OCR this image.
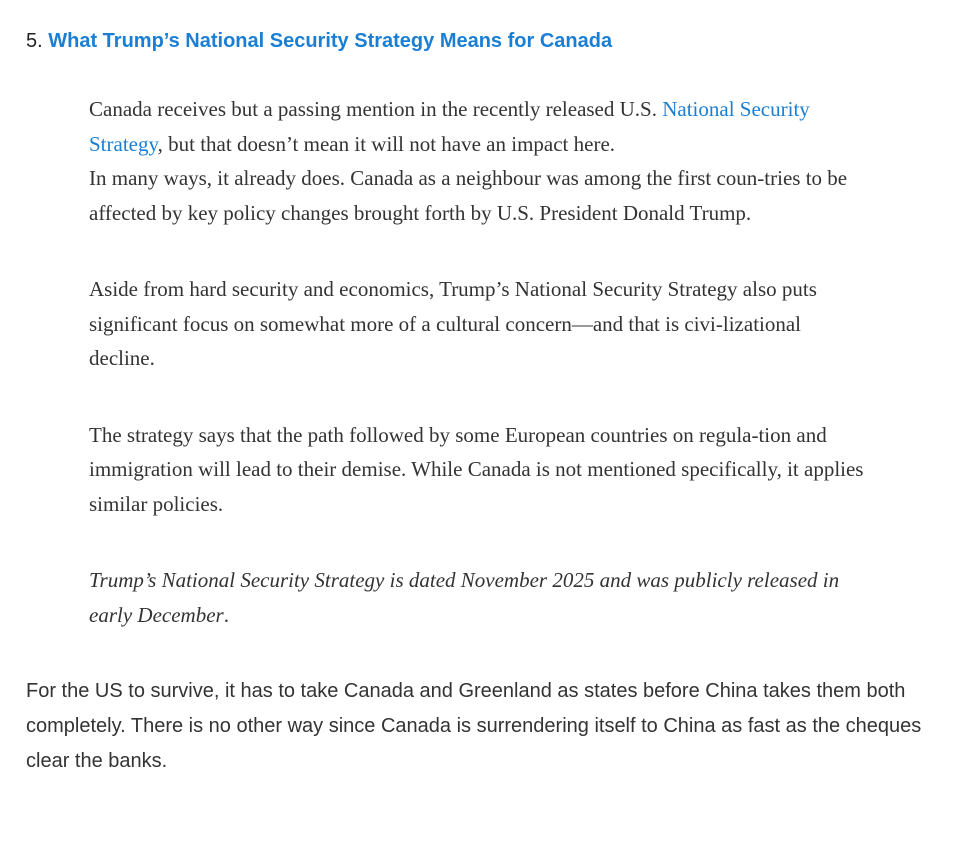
5. What Trump’s National Security Strategy Means for Canada

Canada receives but a passing mention in the recently released U.S. National Security Strategy, but that doesn’t mean it will not have an impact here.
In many ways, it already does. Canada as a neighbour was among the first coun-tries to be affected by key policy changes brought forth by U.S. President Donald Trump.

Aside from hard security and economics, Trump’s National Security Strategy also puts significant focus on somewhat more of a cultural concern—and that is civi-lizational decline.

The strategy says that the path followed by some European countries on regula-tion and immigration will lead to their demise. While Canada is not mentioned specifically, it applies similar policies.

Trump’s National Security Strategy is dated November 2025 and was publicly released in early December.

For the US to survive, it has to take Canada and Greenland as states before China takes them both completely. There is no other way since Canada is surrendering itself to China as fast as the cheques clear the banks.
